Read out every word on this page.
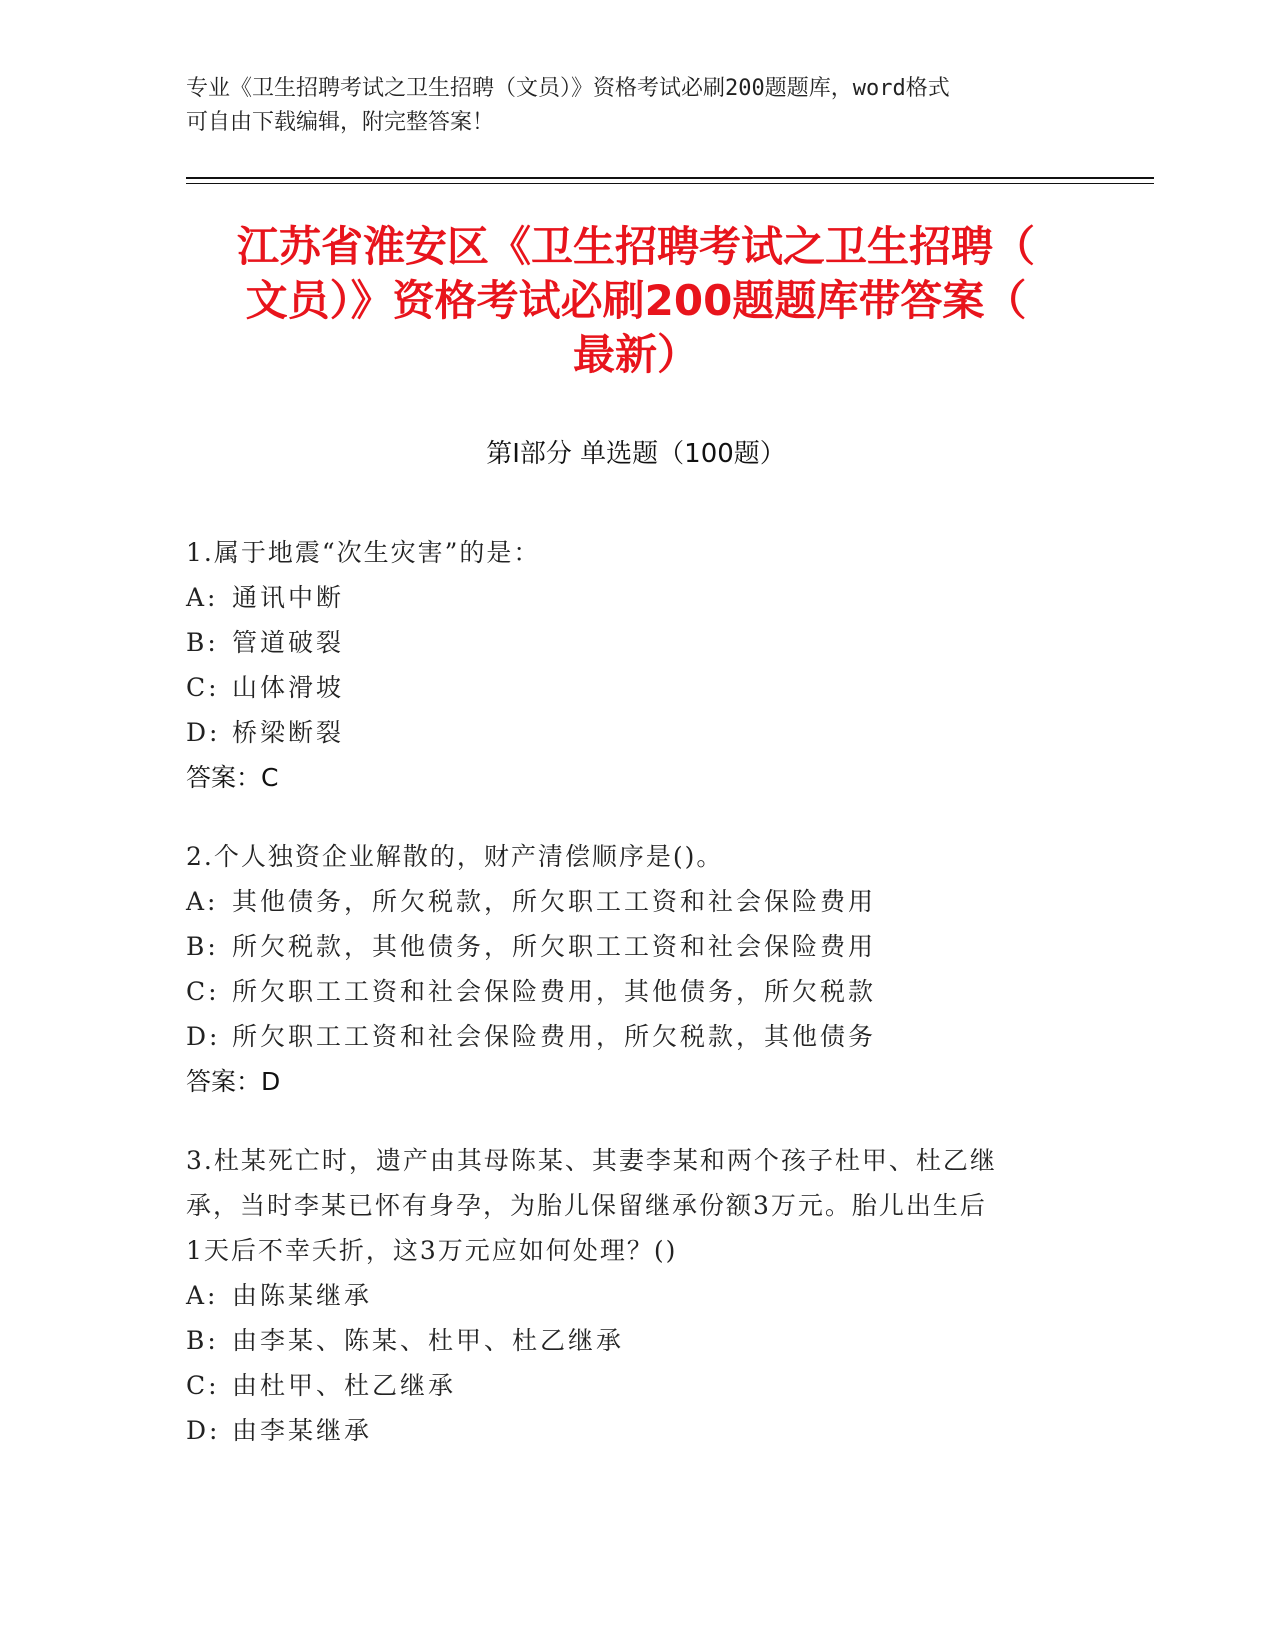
专业《卫生招聘考试之卫生招聘（文员）》资格考试必刷200题题库，word格式
可自由下载编辑，附完整答案！
江苏省淮安区《卫生招聘考试之卫生招聘（
文员）》资格考试必刷200题题库带答案（
最新）
第Ⅰ部分 单选题（100题）
1.属于地震“次生灾害”的是：
A: 通讯中断
B: 管道破裂
C: 山体滑坡
D: 桥梁断裂
答案：C
2.个人独资企业解散的，财产清偿顺序是()。
A: 其他债务，所欠税款，所欠职工工资和社会保险费用
B: 所欠税款，其他债务，所欠职工工资和社会保险费用
C: 所欠职工工资和社会保险费用，其他债务，所欠税款
D: 所欠职工工资和社会保险费用，所欠税款，其他债务
答案：D
3.杜某死亡时，遗产由其母陈某、其妻李某和两个孩子杜甲、杜乙继
承，当时李某已怀有身孕，为胎儿保留继承份额3万元。胎儿出生后
1天后不幸夭折，这3万元应如何处理？()
A: 由陈某继承
B: 由李某、陈某、杜甲、杜乙继承
C: 由杜甲、杜乙继承
D: 由李某继承
